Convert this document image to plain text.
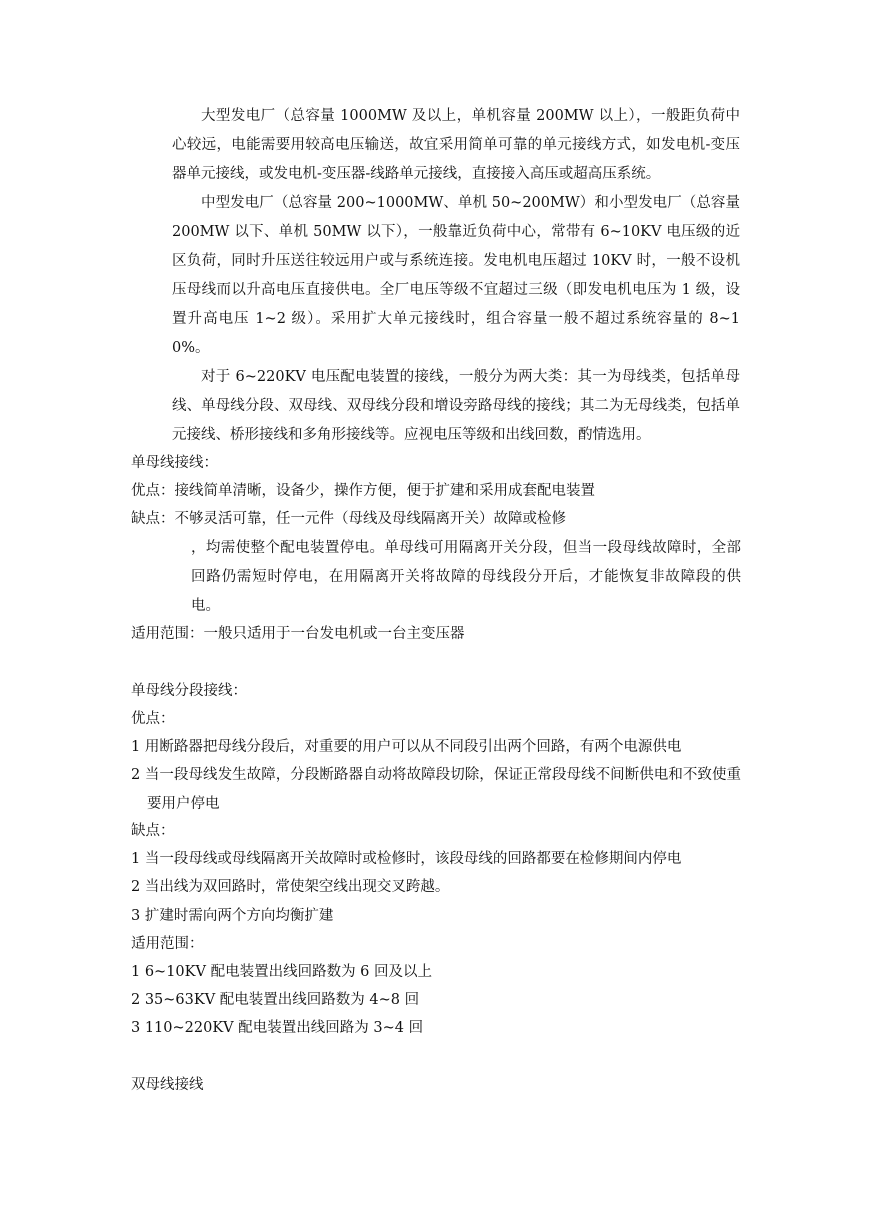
大型发电厂（总容量 1000MW 及以上，单机容量 200MW 以上），一般距负荷中心较远，电能需要用较高电压输送，故宜采用简单可靠的单元接线方式，如发电机-变压器单元接线，或发电机-变压器-线路单元接线，直接接入高压或超高压系统。

中型发电厂（总容量 200~1000MW、单机 50~200MW）和小型发电厂（总容量 200MW 以下、单机 50MW 以下），一般靠近负荷中心，常带有 6~10KV 电压级的近区负荷，同时升压送往较远用户或与系统连接。发电机电压超过 10KV 时，一般不设机压母线而以升高电压直接供电。全厂电压等级不宜超过三级（即发电机电压为 1 级，设置升高电压 1~2 级）。采用扩大单元接线时，组合容量一般不超过系统容量的 8~10%。

对于 6~220KV 电压配电装置的接线，一般分为两大类：其一为母线类，包括单母线、单母线分段、双母线、双母线分段和增设旁路母线的接线；其二为无母线类，包括单元接线、桥形接线和多角形接线等。应视电压等级和出线回数，酌情选用。

单母线接线：
优点：接线简单清晰，设备少，操作方便，便于扩建和采用成套配电装置
缺点：不够灵活可靠，任一元件（母线及母线隔离开关）故障或检修
，均需使整个配电装置停电。单母线可用隔离开关分段，但当一段母线故障时，全部回路仍需短时停电，在用隔离开关将故障的母线段分开后，才能恢复非故障段的供电。
适用范围：一般只适用于一台发电机或一台主变压器
单母线分段接线：
优点：
1 用断路器把母线分段后，对重要的用户可以从不同段引出两个回路，有两个电源供电
2 当一段母线发生故障，分段断路器自动将故障段切除，保证正常段母线不间断供电和不致使重要用户停电
缺点：
1 当一段母线或母线隔离开关故障时或检修时，该段母线的回路都要在检修期间内停电
2 当出线为双回路时，常使架空线出现交叉跨越。
3 扩建时需向两个方向均衡扩建
适用范围：
1 6~10KV 配电装置出线回路数为 6 回及以上
2 35~63KV 配电装置出线回路数为 4~8 回
3 110~220KV 配电装置出线回路为 3~4 回
双母线接线
